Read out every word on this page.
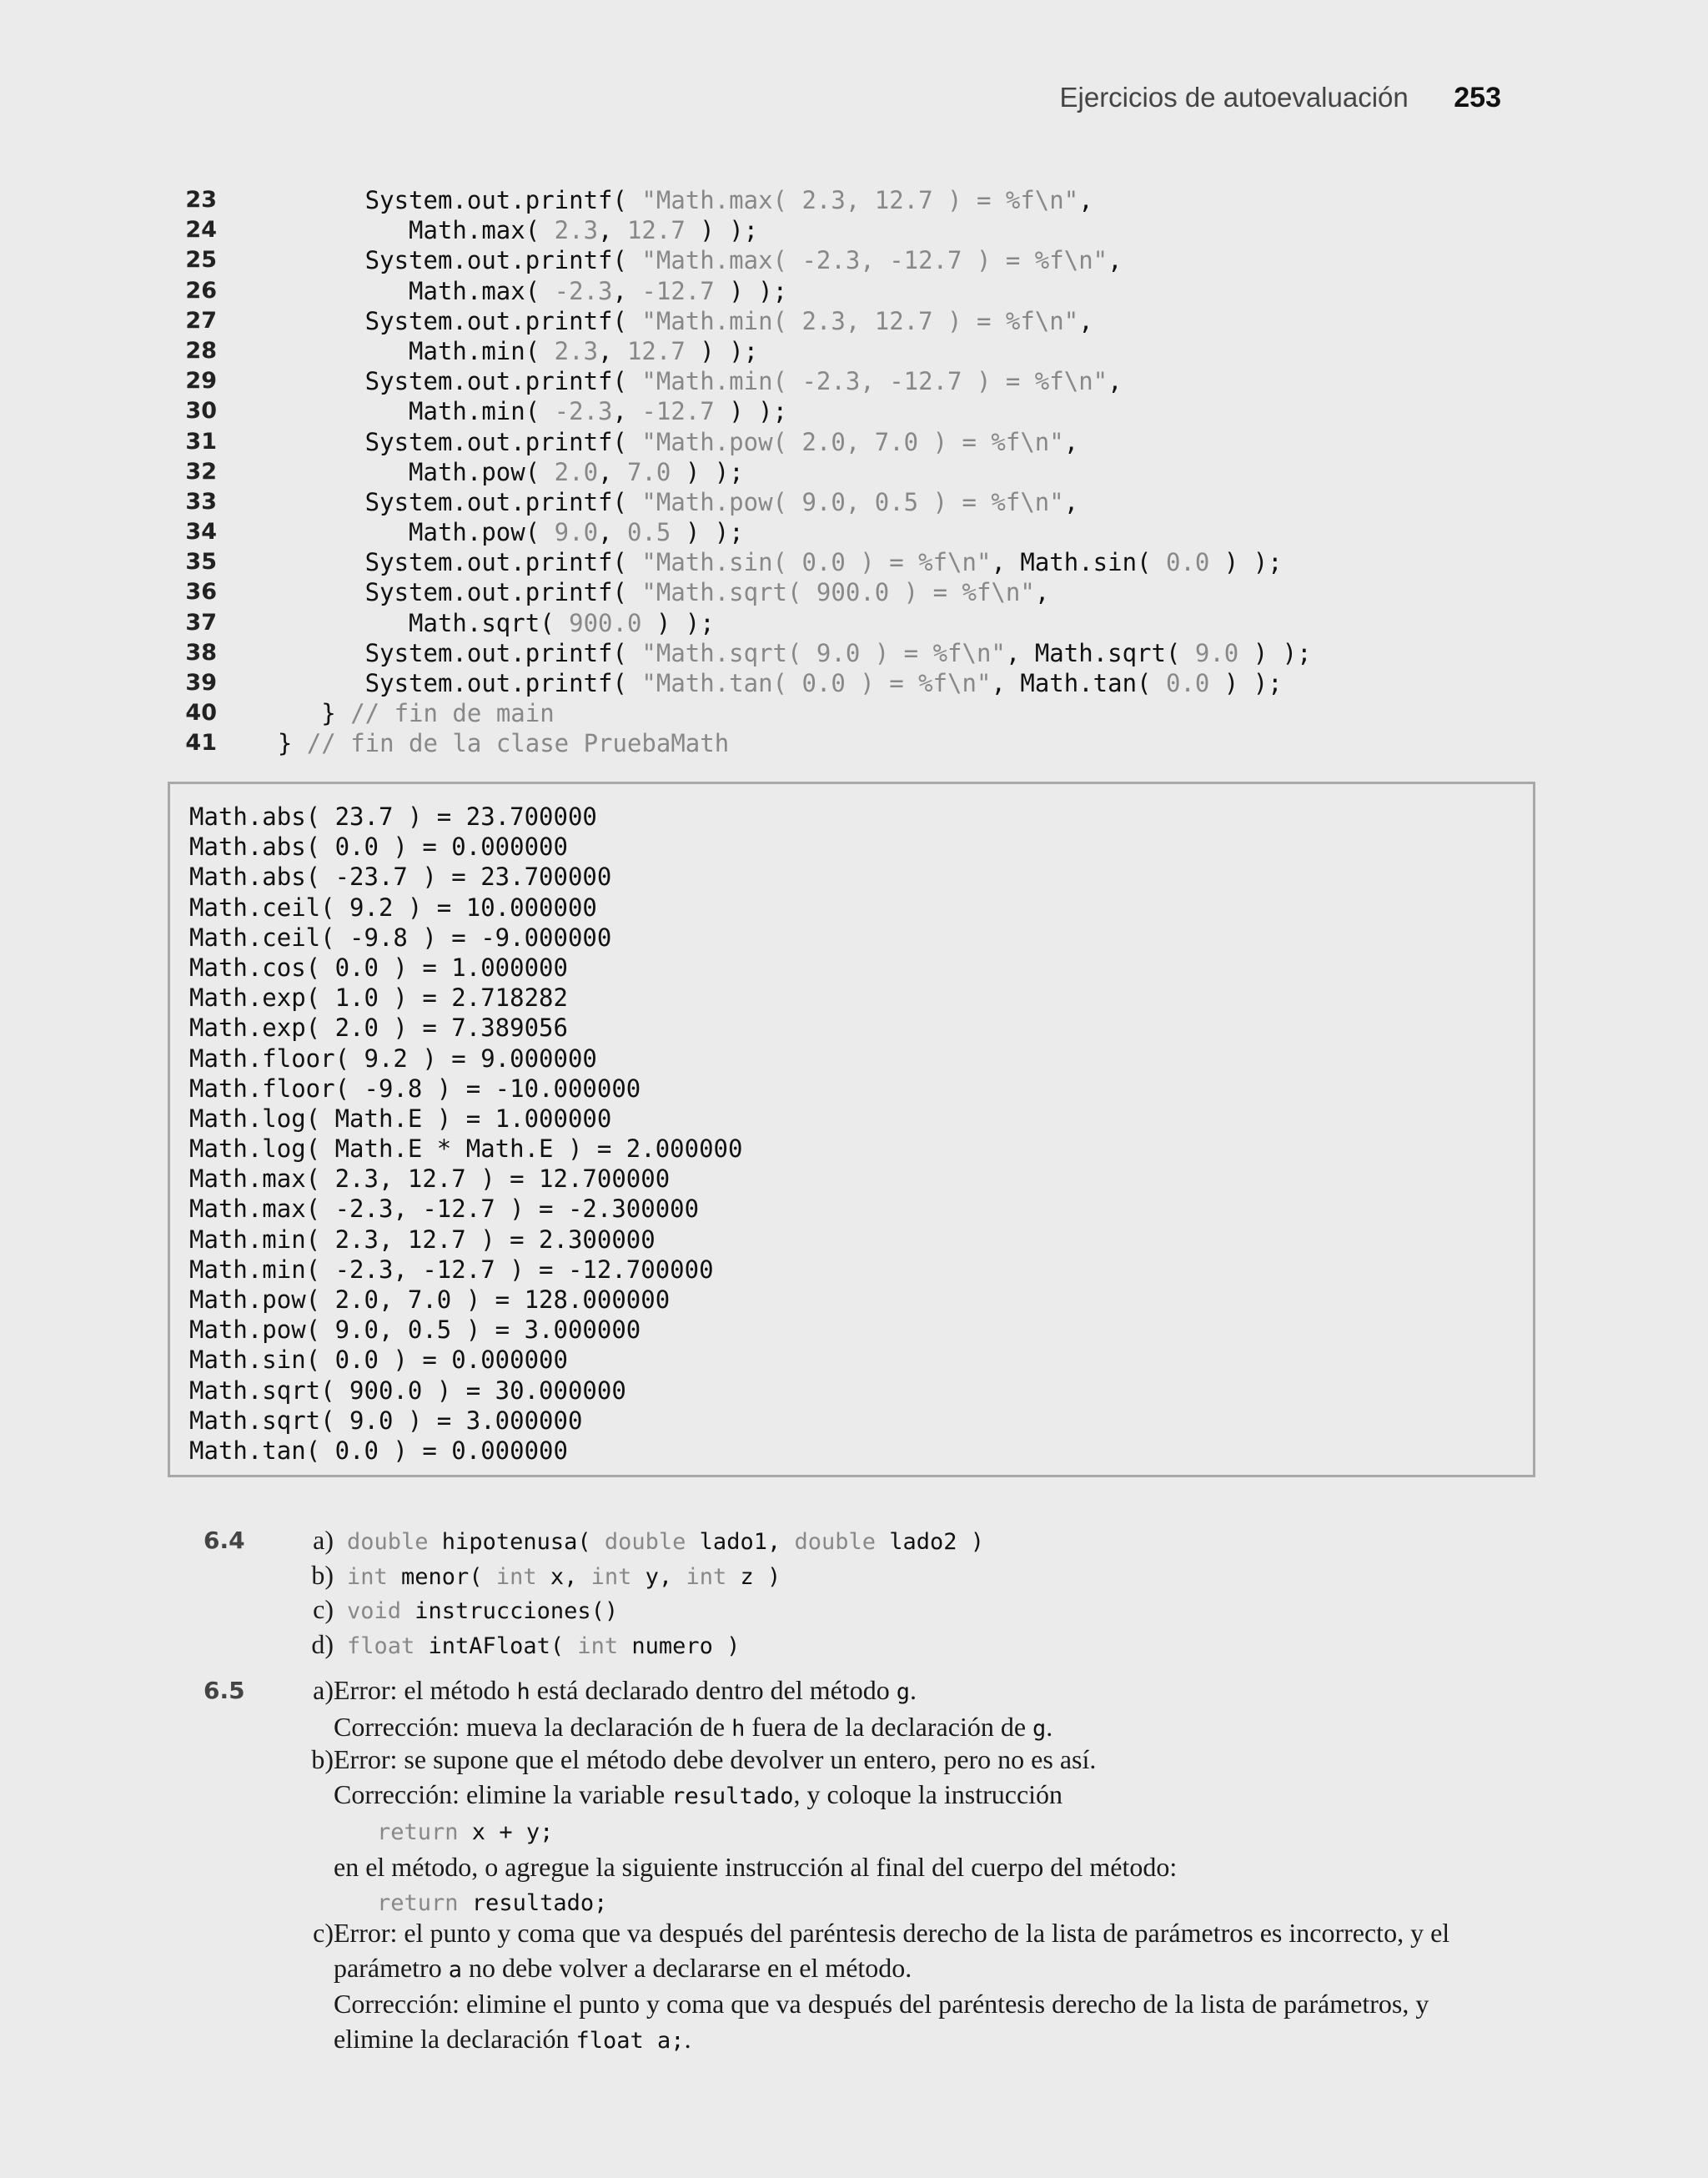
Ejercicios de autoevaluación 253
23 System.out.printf( "Math.max( 2.3, 12.7 ) = %f\n",
24 Math.max( 2.3, 12.7 ) );
25 System.out.printf( "Math.max( -2.3, -12.7 ) = %f\n",
26 Math.max( -2.3, -12.7 ) );
27 System.out.printf( "Math.min( 2.3, 12.7 ) = %f\n",
28 Math.min( 2.3, 12.7 ) );
29 System.out.printf( "Math.min( -2.3, -12.7 ) = %f\n",
30 Math.min( -2.3, -12.7 ) );
31 System.out.printf( "Math.pow( 2.0, 7.0 ) = %f\n",
32 Math.pow( 2.0, 7.0 ) );
33 System.out.printf( "Math.pow( 9.0, 0.5 ) = %f\n",
34 Math.pow( 9.0, 0.5 ) );
35 System.out.printf( "Math.sin( 0.0 ) = %f\n", Math.sin( 0.0 ) );
36 System.out.printf( "Math.sqrt( 900.0 ) = %f\n",
37 Math.sqrt( 900.0 ) );
38 System.out.printf( "Math.sqrt( 9.0 ) = %f\n", Math.sqrt( 9.0 ) );
39 System.out.printf( "Math.tan( 0.0 ) = %f\n", Math.tan( 0.0 ) );
40 } // fin de main
41 } // fin de la clase PruebaMath
Math.abs( 23.7 ) = 23.700000
Math.abs( 0.0 ) = 0.000000
Math.abs( -23.7 ) = 23.700000
Math.ceil( 9.2 ) = 10.000000
Math.ceil( -9.8 ) = -9.000000
Math.cos( 0.0 ) = 1.000000
Math.exp( 1.0 ) = 2.718282
Math.exp( 2.0 ) = 7.389056
Math.floor( 9.2 ) = 9.000000
Math.floor( -9.8 ) = -10.000000
Math.log( Math.E ) = 1.000000
Math.log( Math.E * Math.E ) = 2.000000
Math.max( 2.3, 12.7 ) = 12.700000
Math.max( -2.3, -12.7 ) = -2.300000
Math.min( 2.3, 12.7 ) = 2.300000
Math.min( -2.3, -12.7 ) = -12.700000
Math.pow( 2.0, 7.0 ) = 128.000000
Math.pow( 9.0, 0.5 ) = 3.000000
Math.sin( 0.0 ) = 0.000000
Math.sqrt( 900.0 ) = 30.000000
Math.sqrt( 9.0 ) = 3.000000
Math.tan( 0.0 ) = 0.000000
6.4	a) double hipotenusa( double lado1, double lado2 )
b) int menor( int x, int y, int z )
c) void instrucciones()
d) float intAFloat( int numero )
6.5	a) Error: el método h está declarado dentro del método g.
Corrección: mueva la declaración de h fuera de la declaración de g.
b) Error: se supone que el método debe devolver un entero, pero no es así.
Corrección: elimine la variable resultado, y coloque la instrucción
return x + y;
en el método, o agregue la siguiente instrucción al final del cuerpo del método:
return resultado;
c) Error: el punto y coma que va después del paréntesis derecho de la lista de parámetros es incorrecto, y el
parámetro a no debe volver a declararse en el método.
Corrección: elimine el punto y coma que va después del paréntesis derecho de la lista de parámetros, y
elimine la declaración float a;.
